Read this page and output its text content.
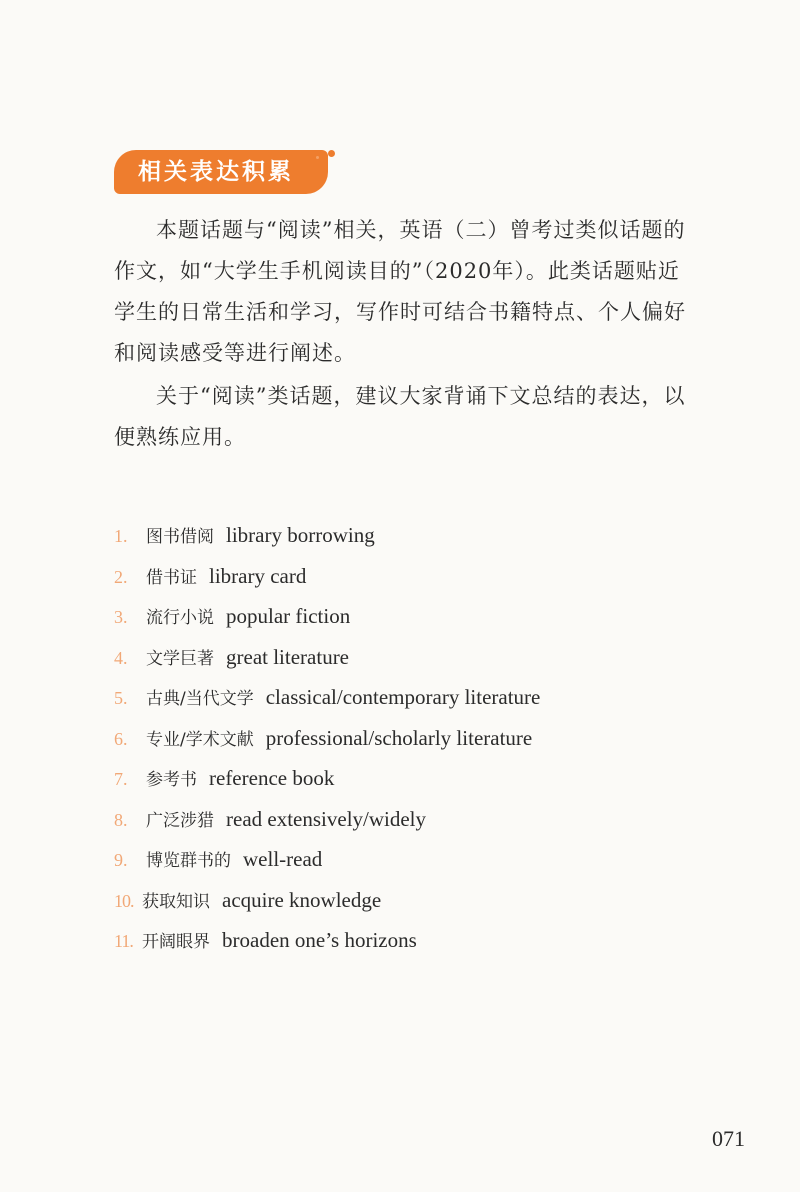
相关表达积累

本题话题与“阅读”相关，英语（二）曾考过类似话题的作文，如“大学生手机阅读目的”（2020年）。此类话题贴近学生的日常生活和学习，写作时可结合书籍特点、个人偏好和阅读感受等进行阐述。

关于“阅读”类话题，建议大家背诵下文总结的表达，以便熟练应用。

1. 图书借阅 library borrowing
2. 借书证 library card
3. 流行小说 popular fiction
4. 文学巨著 great literature
5. 古典/当代文学 classical/contemporary literature
6. 专业/学术文献 professional/scholarly literature
7. 参考书 reference book
8. 广泛涉猎 read extensively/widely
9. 博览群书的 well-read
10. 获取知识 acquire knowledge
11. 开阔眼界 broaden one’s horizons
071
